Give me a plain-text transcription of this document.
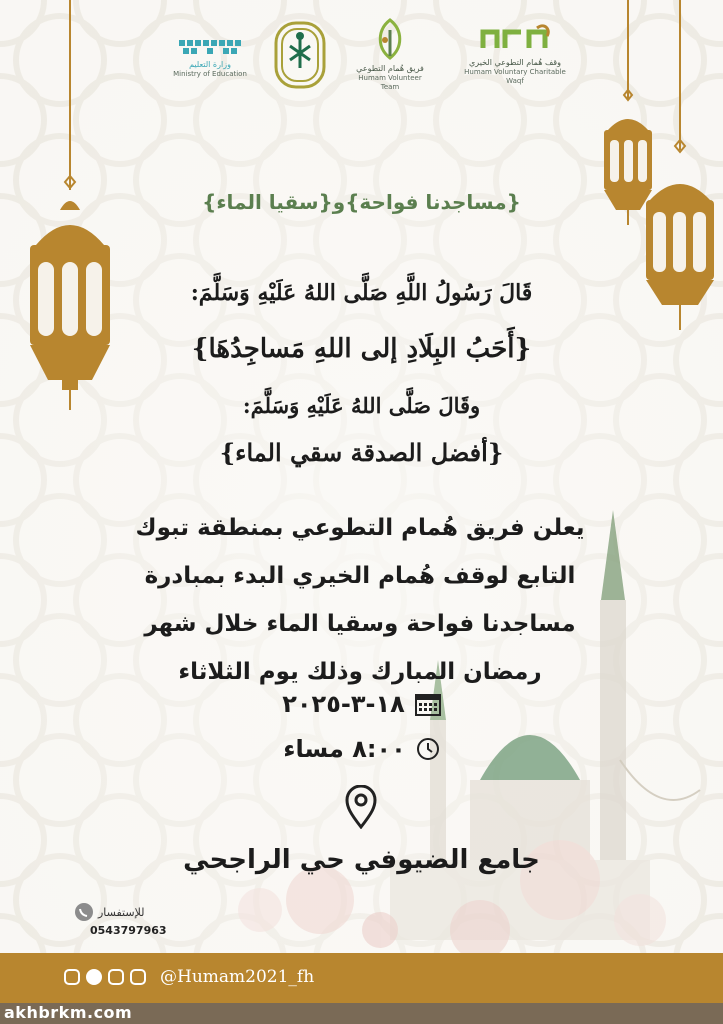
وزارة التعليم
Ministry of Education
فريق هُمام التطوعي
Humam Volunteer Team
وقف هُمام التطوعي الخيري
Humam Voluntary Charitable Waqf
{مساجدنا فواحة}و{سقيا الماء}
قَالَ رَسُولُ اللَّهِ صَلَّى اللهُ عَلَيْهِ وَسَلَّمَ:
{أَحَبُ البِلَادِ إلى اللهِ مَساجِدُهَا}
وقَالَ صَلَّى اللهُ عَلَيْهِ وَسَلَّمَ:
{أفضل الصدقة سقي الماء}
يعلن فريق هُمام التطوعي بمنطقة تبوك
التابع لوقف هُمام الخيري البدء بمبادرة
مساجدنا فواحة وسقيا الماء خلال شهر
رمضان المبارك وذلك يوم الثلاثاء
١٨-٣-٢٠٢٥
٨:٠٠ مساء
جامع الضيوفي حي الراجحي
للإستفسار
0543797963
@Humam2021_fh
akhbrkm.com
